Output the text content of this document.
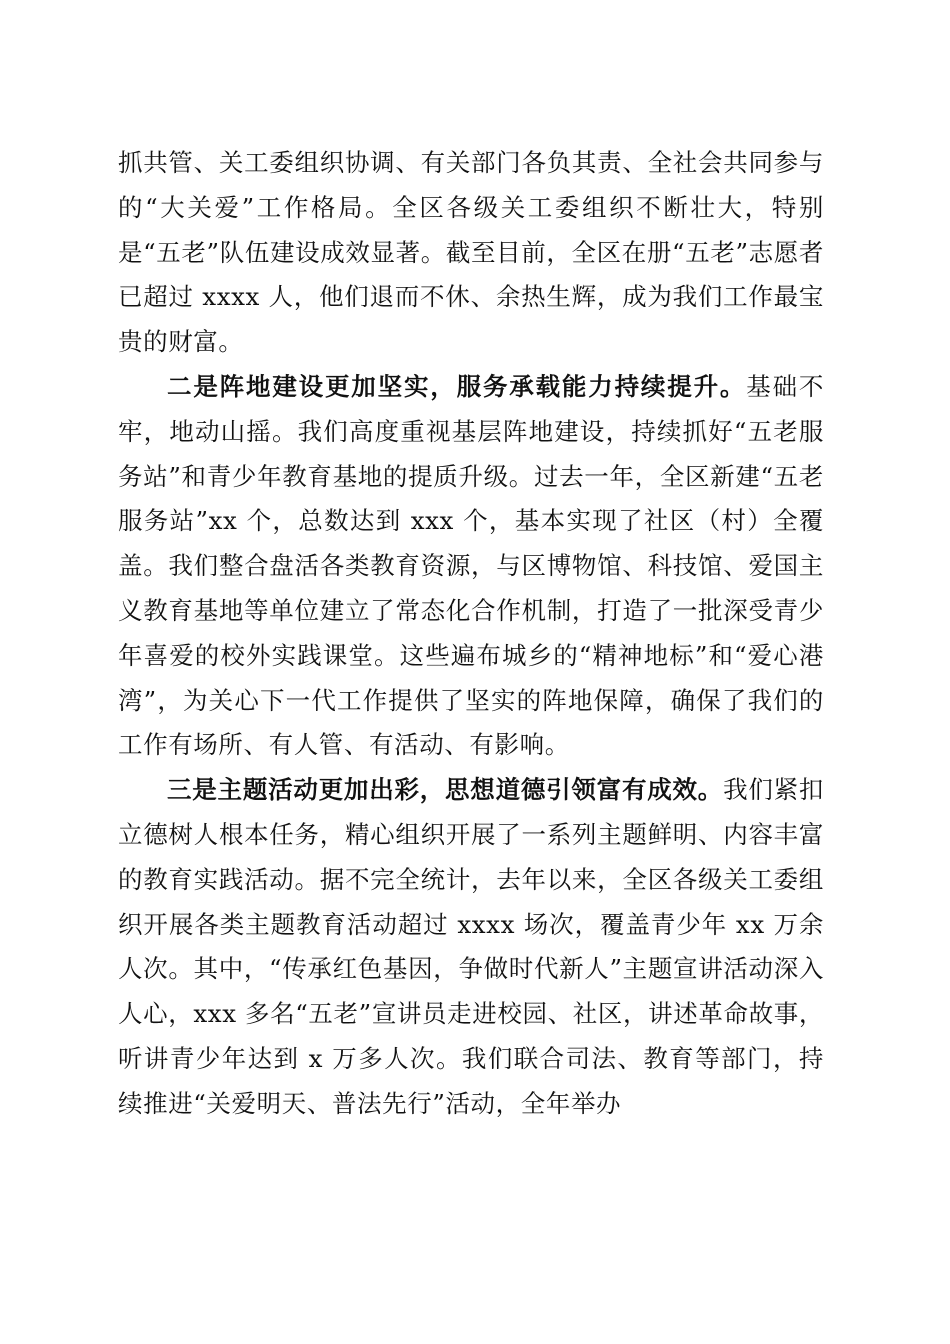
抓共管、关工委组织协调、有关部门各负其责、全社会共同参与的“大关爱”工作格局。全区各级关工委组织不断壮大，特别是“五老”队伍建设成效显著。截至目前，全区在册“五老”志愿者已超过 xxxx 人，他们退而不休、余热生辉，成为我们工作最宝贵的财富。

二是阵地建设更加坚实，服务承载能力持续提升。基础不牢，地动山摇。我们高度重视基层阵地建设，持续抓好“五老服务站”和青少年教育基地的提质升级。过去一年，全区新建“五老服务站”xx 个，总数达到 xxx 个，基本实现了社区（村）全覆盖。我们整合盘活各类教育资源，与区博物馆、科技馆、爱国主义教育基地等单位建立了常态化合作机制，打造了一批深受青少年喜爱的校外实践课堂。这些遍布城乡的“精神地标”和“爱心港湾”，为关心下一代工作提供了坚实的阵地保障，确保了我们的工作有场所、有人管、有活动、有影响。

三是主题活动更加出彩，思想道德引领富有成效。我们紧扣立德树人根本任务，精心组织开展了一系列主题鲜明、内容丰富的教育实践活动。据不完全统计，去年以来，全区各级关工委组织开展各类主题教育活动超过 xxxx 场次，覆盖青少年 xx 万余人次。其中，“传承红色基因，争做时代新人”主题宣讲活动深入人心，xxx 多名“五老”宣讲员走进校园、社区，讲述革命故事，听讲青少年达到 x 万多人次。我们联合司法、教育等部门，持续推进“关爱明天、普法先行”活动，全年举办
